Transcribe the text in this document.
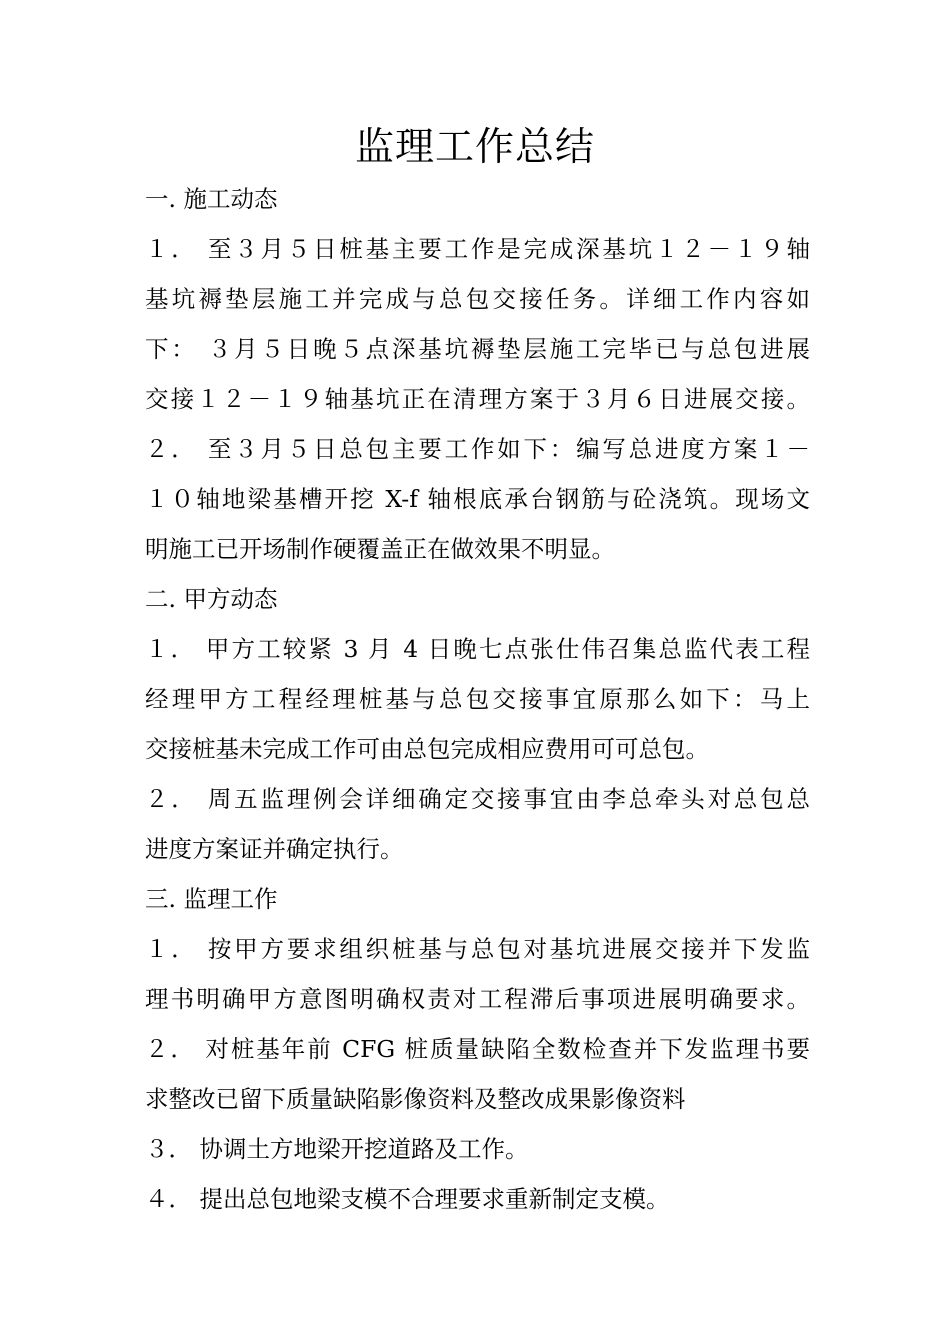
监理工作总结
一. 施工动态
１． 至３月５日桩基主要工作是完成深基坑１２－１９轴
基坑褥垫层施工并完成与总包交接任务。详细工作内容如
下： ３月５日晚５点深基坑褥垫层施工完毕已与总包进展
交接１２－１９轴基坑正在清理方案于３月６日进展交接。
２． 至３月５日总包主要工作如下：编写总进度方案１－
１０轴地梁基槽开挖 X-f 轴根底承台钢筋与砼浇筑。现场文
明施工已开场制作硬覆盖正在做效果不明显。
二. 甲方动态
１． 甲方工较紧 3 月 4 日晚七点张仕伟召集总监代表工程
经理甲方工程经理桩基与总包交接事宜原那么如下：马上
交接桩基未完成工作可由总包完成相应费用可可总包。
２． 周五监理例会详细确定交接事宜由李总牵头对总包总
进度方案证并确定执行。
三. 监理工作
１． 按甲方要求组织桩基与总包对基坑进展交接并下发监
理书明确甲方意图明确权责对工程滞后事项进展明确要求。
２． 对桩基年前 CFG 桩质量缺陷全数检查并下发监理书要
求整改已留下质量缺陷影像资料及整改成果影像资料
３． 协调土方地梁开挖道路及工作。
４． 提出总包地梁支模不合理要求重新制定支模。
